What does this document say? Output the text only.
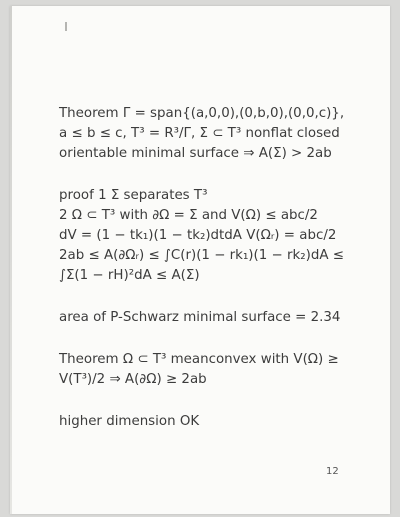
Theorem Γ = span{(a,0,0),(0,b,0),(0,0,c)},

a ≤ b ≤ c, T³ = R³/Γ, Σ ⊂ T³ nonflat closed

orientable minimal surface ⇒ A(Σ) > 2ab

proof 1 Σ separates T³

2 Ω ⊂ T³ with ∂Ω = Σ and V(Ω) ≤ abc/2

dV = (1 − tk₁)(1 − tk₂)dtdA V(Ωᵣ) = abc/2

2ab ≤ A(∂Ωᵣ) ≤ ∫C(r)(1 − rk₁)(1 − rk₂)dA ≤

∫Σ(1 − rH)²dA ≤ A(Σ)

area of P-Schwarz minimal surface = 2.34

Theorem Ω ⊂ T³ meanconvex with V(Ω) ≥

V(T³)/2 ⇒ A(∂Ω) ≥ 2ab

higher dimension OK

12
